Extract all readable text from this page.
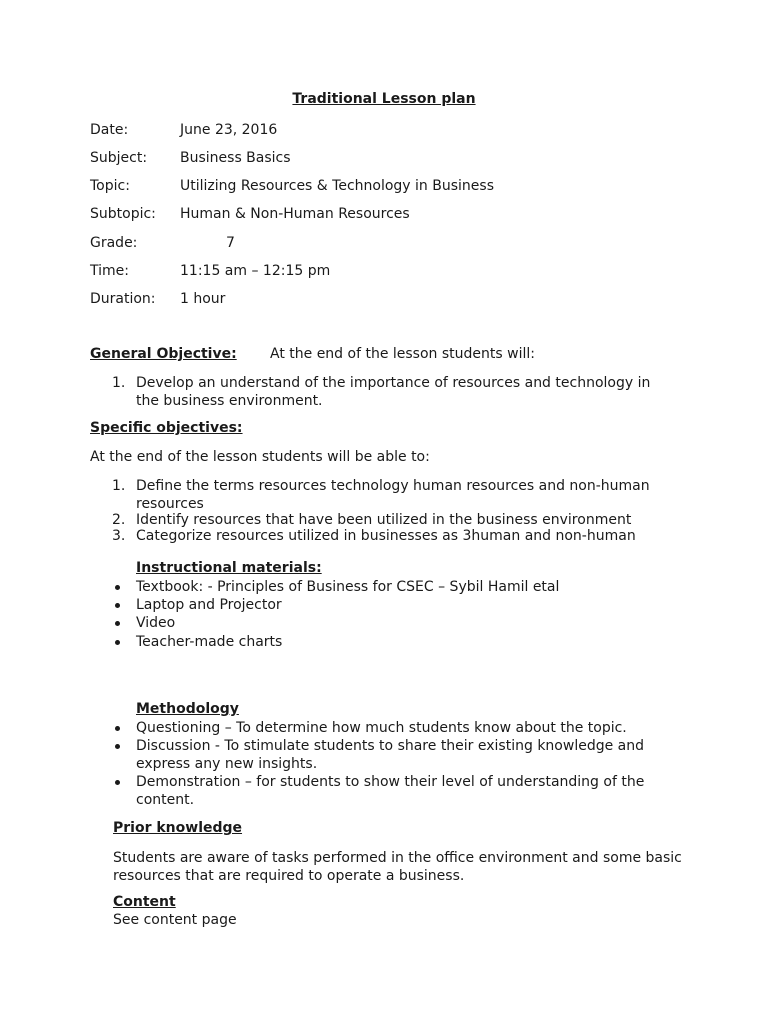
Traditional Lesson plan
Date:	June 23, 2016
Subject: Business Basics
Topic:	Utilizing Resources & Technology in Business
Subtopic: Human & Non-Human Resources
Grade:	7
Time:	11:15 am – 12:15 pm
Duration: 1 hour
General Objective: At the end of the lesson students will:
1. Develop an understand of the importance of resources and technology in the business environment.
Specific objectives:
At the end of the lesson students will be able to:
1. Define the terms resources technology human resources and non-human resources
2. Identify resources that have been utilized in the business environment
3. Categorize resources utilized in businesses as 3human and non-human
Instructional materials:
Textbook: - Principles of Business for CSEC – Sybil Hamil etal
Laptop and Projector
Video
Teacher-made charts
Methodology
Questioning – To determine how much students know about the topic.
Discussion - To stimulate students to share their existing knowledge and express any new insights.
Demonstration – for students to show their level of understanding of the content.
Prior knowledge
Students are aware of tasks performed in the office environment and some basic resources that are required to operate a business.
Content
See content page
